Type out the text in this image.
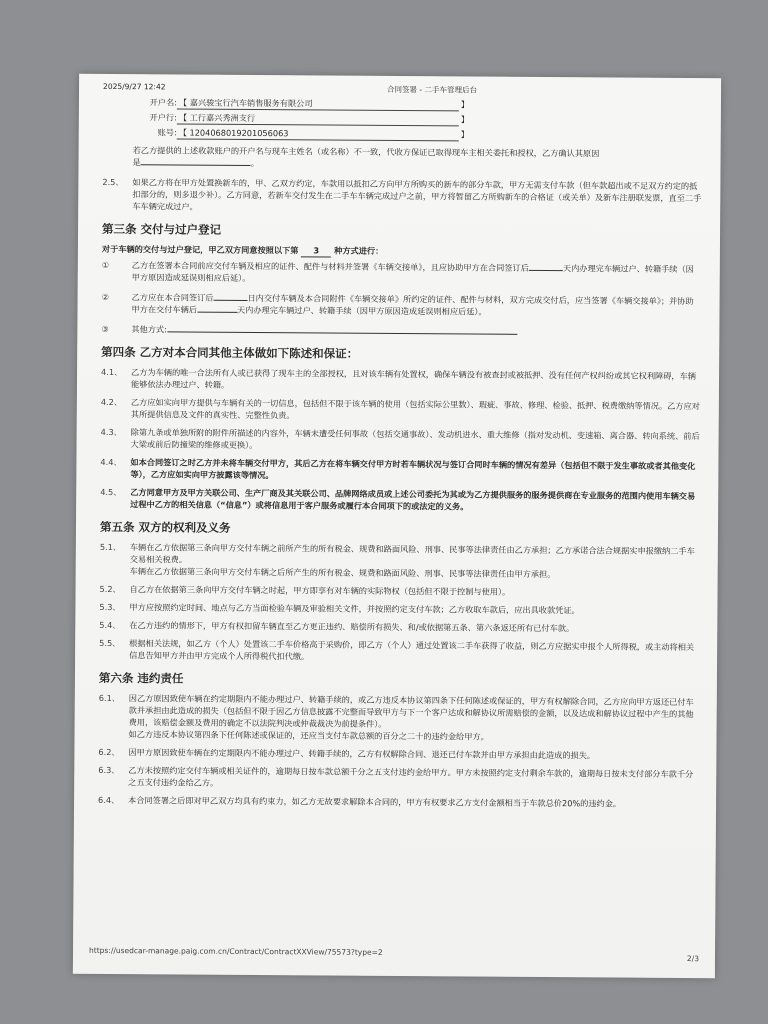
2025/9/27 12:42	合同签署 - 二手车管理后台
开户名: 【 嘉兴骏宝行汽车销售服务有限公司	】
开户行: 【 工行嘉兴秀洲支行	】
账号: 【 1204068019201056063	】

若乙方提供的上述收款账户的开户名与现车主姓名（或名称）不一致，代收方保证已取得现车主相关委托和授权，乙方确认其原因

是	。

2.5、	如果乙方将在甲方处置换新车的，甲、乙双方约定，车款用以抵扣乙方向甲方所购买的新车的部分车款，甲方无需支付车款（但车款超出或不足双方约定的抵扣部分的，则多退少补）。乙方同意，若新车交付发生在二手车车辆完成过户之前，甲方将暂留乙方所购新车的合格证（或关单）及新车注册联发票，直至二手车车辆完成过户。
第三条 交付与过户登记

对于车辆的交付与过户登记，甲乙双方同意按照以下第 3 种方式进行：

①	乙方在签署本合同前应交付车辆及相应的证件、配件与材料并签署《车辆交接单》，且应协助甲方在合同签订后	天内办理完车辆过户、转籍手续（因甲方原因造成延误则相应后延）。
②	乙方应在本合同签订后	日内交付车辆及本合同附件《车辆交接单》所约定的证件、配件与材料，双方完成交付后，应当签署《车辆交接单》；并协助甲方在交付车辆后	天内办理完车辆过户、转籍手续（因甲方原因造成延误则相应后延）。
③	其他方式:
第四条 乙方对本合同其他主体做如下陈述和保证：
4.1、	乙方为车辆的唯一合法所有人或已获得了现车主的全部授权，且对该车辆有处置权，确保车辆没有被查封或被抵押、没有任何产权纠纷或其它权利障碍，车辆能够依法办理过户、转籍。
4.2、	乙方应如实向甲方提供与车辆有关的一切信息，包括但不限于该车辆的使用（包括实际公里数）、瑕疵、事故、修理、检验、抵押、税费缴纳等情况。乙方应对其所提供信息及文件的真实性、完整性负责。
4.3、	除第九条或单独所附的附件所描述的内容外，车辆未遭受任何事故（包括交通事故）、发动机进水、重大维修（指对发动机、变速箱、离合器、转向系统、前后大梁或前后防撞梁的维修或更换）。
4.4、	如本合同签订之时乙方并未将车辆交付甲方，其后乙方在将车辆交付甲方时若车辆状况与签订合同时车辆的情况有差异（包括但不限于发生事故或者其他变化等），乙方应如实向甲方披露该等情况。
4.5、	乙方同意甲方及甲方关联公司、生产厂商及其关联公司、品牌网络成员或上述公司委托为其或为乙方提供服务的服务提供商在专业服务的范围内使用车辆交易过程中乙方的相关信息（“信息”）或将信息用于客户服务或履行本合同项下的或法定的义务。
第五条 双方的权利及义务
5.1、	车辆在乙方依据第三条向甲方交付车辆之前所产生的所有税金、规费和路面风险、刑事、民事等法律责任由乙方承担；乙方承诺合法合规据实申报缴纳二手车交易相关税费。
车辆在乙方依据第三条向甲方交付车辆之后所产生的所有税金、规费和路面风险、刑事、民事等法律责任由甲方承担。
5.2、	自乙方在依据第三条向甲方交付车辆之时起，甲方即享有对车辆的实际物权（包括但不限于控制与使用）。
5.3、	甲方应按照约定时间、地点与乙方当面检验车辆及审验相关文件，并按照约定支付车款；乙方收取车款后，应出具收款凭证。
5.4、	在乙方违约的情形下，甲方有权扣留车辆直至乙方更正违约、赔偿所有损失、和/或依据第五条、第六条返还所有已付车款。
5.5、	根据相关法规，如乙方（个人）处置该二手车价格高于采购价，即乙方（个人）通过处置该二手车获得了收益，则乙方应据实申报个人所得税，或主动将相关信息告知甲方并由甲方完成个人所得税代扣代缴。
第六条 违约责任
6.1、	因乙方原因致使车辆在约定期限内不能办理过户、转籍手续的，或乙方违反本协议第四条下任何陈述或保证的，甲方有权解除合同，乙方应向甲方返还已付车款并承担由此造成的损失（包括但不限于因乙方信息披露不完整而导致甲方与下一个客户达成和解协议所需赔偿的金额，以及达成和解协议过程中产生的其他费用，该赔偿金额及费用的确定不以法院判决或仲裁裁决为前提条件）。
如乙方违反本协议第四条下任何陈述或保证的，还应当支付车款总额的百分之二十的违约金给甲方。
6.2、	因甲方原因致使车辆在约定期限内不能办理过户、转籍手续的，乙方有权解除合同、退还已付车款并由甲方承担由此造成的损失。
6.3、	乙方未按照约定交付车辆或相关证件的，逾期每日按车款总额千分之五支付违约金给甲方。甲方未按照约定支付剩余车款的，逾期每日按未支付部分车款千分之五支付违约金给乙方。
6.4、	本合同签署之后即对甲乙双方均具有约束力，如乙方无故要求解除本合同的，甲方有权要求乙方支付金额相当于车款总价20%的违约金。
https://usedcar-manage.paig.com.cn/Contract/ContractXXView/75573?type=2
2/3
